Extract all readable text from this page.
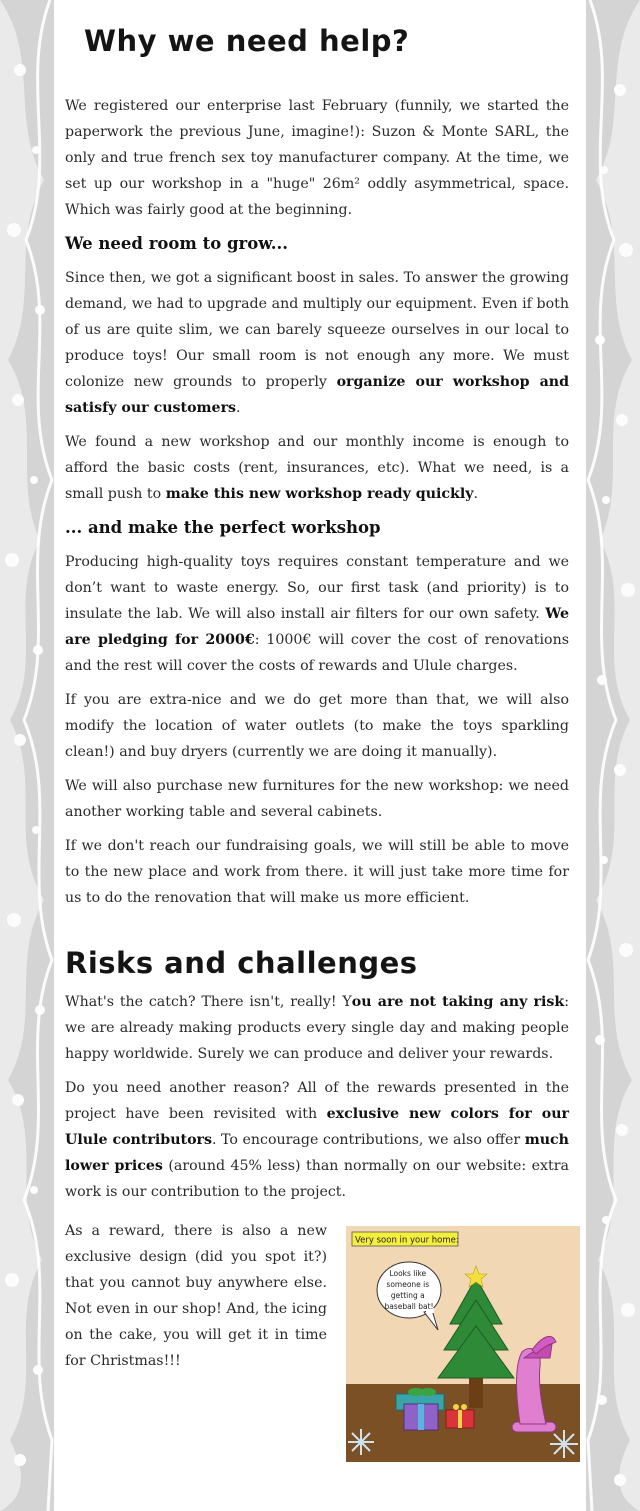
Why we need help?

We registered our enterprise last February (funnily, we started the paperwork the previous June, imagine!): Suzon & Monte SARL, the only and true french sex toy manufacturer company. At the time, we set up our workshop in a "huge" 26m² oddly asymmetrical, space. Which was fairly good at the beginning.

We need room to grow...

Since then, we got a significant boost in sales. To answer the growing demand, we had to upgrade and multiply our equipment. Even if both of us are quite slim, we can barely squeeze ourselves in our local to produce toys! Our small room is not enough any more. We must colonize new grounds to properly organize our workshop and satisfy our customers.

We found a new workshop and our monthly income is enough to afford the basic costs (rent, insurances, etc). What we need, is a small push to make this new workshop ready quickly.

... and make the perfect workshop

Producing high-quality toys requires constant temperature and we don’t want to waste energy. So, our first task (and priority) is to insulate the lab. We will also install air filters for our own safety. We are pledging for 2000€: 1000€ will cover the cost of renovations and the rest will cover the costs of rewards and Ulule charges.

If you are extra-nice and we do get more than that, we will also modify the location of water outlets (to make the toys sparkling clean!) and buy dryers (currently we are doing it manually).

We will also purchase new furnitures for the new workshop: we need another working table and several cabinets.

If we don't reach our fundraising goals, we will still be able to move to the new place and work from there. it will just take more time for us to do the renovation that will make us more efficient.

Risks and challenges

What's the catch? There isn't, really! You are not taking any risk: we are already making products every single day and making people happy worldwide. Surely we can produce and deliver your rewards.

Do you need another reason? All of the rewards presented in the project have been revisited with exclusive new colors for our Ulule contributors. To encourage contributions, we also offer much lower prices (around 45% less) than normally on our website: extra work is our contribution to the project.

As a reward, there is also a new exclusive design (did you spot it?) that you cannot buy anywhere else. Not even in our shop! And, the icing on the cake, you will get it in time for Christmas!!!

Very soon in your home:
Looks like someone is getting a baseball bat!
